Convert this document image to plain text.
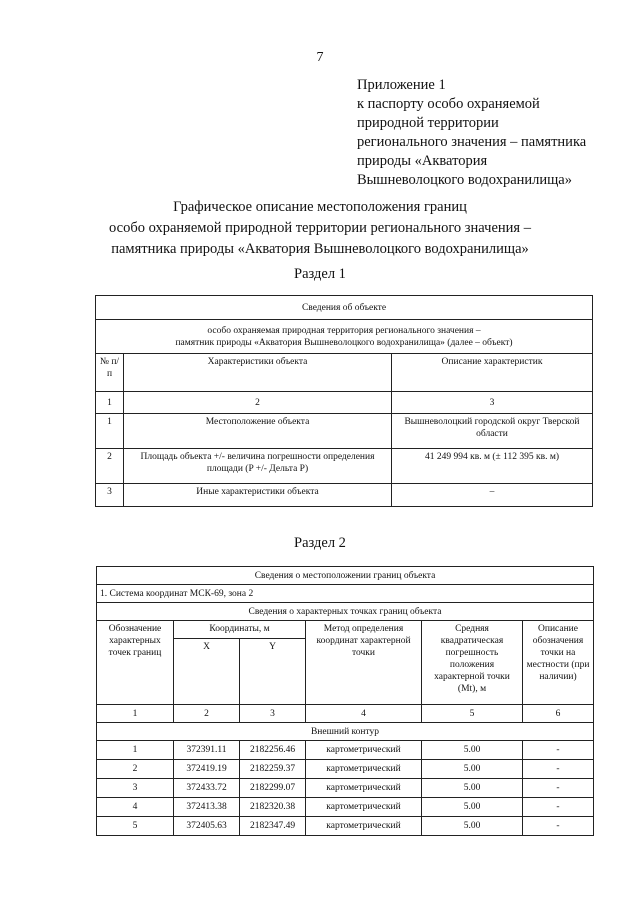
7
Приложение 1
к паспорту особо охраняемой
природной территории
регионального значения – памятника
природы «Акватория
Вышневолоцкого водохранилища»
Графическое описание местоположения границ
особо охраняемой природной территории регионального значения –
памятника природы «Акватория Вышневолоцкого водохранилища»
Раздел 1
Сведения об объекте		

особо охраняемая природная территория регионального значения –
памятник природы «Акватория Вышневолоцкого водохранилища» (далее – объект)		

№ п/п	Характеристики объекта	Описание характеристик
1	2	3
1	Местоположение объекта	Вышневолоцкий городской округ Тверской области
2	Площадь объекта +/- величина погрешности определения площади (P +/- Дельта P)	41 249 994 кв. м (± 112 395 кв. м)
3	Иные характеристики объекта	–
Раздел 2
Сведения о местоположении границ объекта					
1. Система координат МСК-69, зона 2					
Сведения о характерных точках границ объекта					
Обозначение характерных точек границ	Координаты, м		Метод определения координат характерной точки	Средняя квадратическая погрешность положения характерной точки (Mt), м	Описание обозначения точки на местности (при наличии)
	X	Y			
1	2	3	4	5	6
Внешний контур					
1	372391.11	2182256.46	картометрический	5.00	-
2	372419.19	2182259.37	картометрический	5.00	-
3	372433.72	2182299.07	картометрический	5.00	-
4	372413.38	2182320.38	картометрический	5.00	-
5	372405.63	2182347.49	картометрический	5.00	-
